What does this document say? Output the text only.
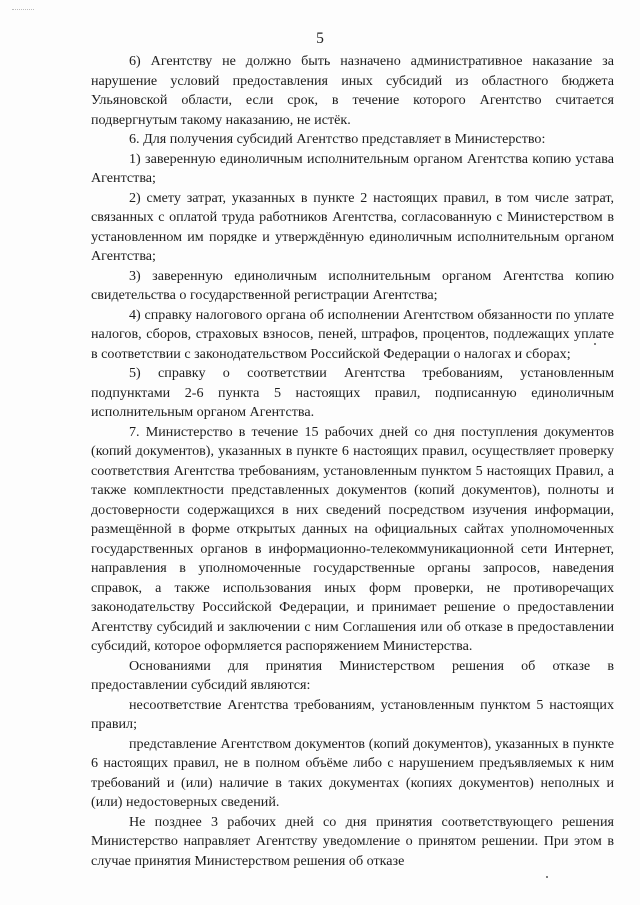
5

6) Агентству не должно быть назначено административное наказание за нарушение условий предоставления иных субсидий из областного бюджета Ульяновской области, если срок, в течение которого Агентство считается подвергнутым такому наказанию, не истёк.

6. Для получения субсидий Агентство представляет в Министерство:

1) заверенную единоличным исполнительным органом Агентства копию устава Агентства;

2) смету затрат, указанных в пункте 2 настоящих правил, в том числе затрат, связанных с оплатой труда работников Агентства, согласованную с Министерством в установленном им порядке и утверждённую единоличным исполнительным органом Агентства;

3) заверенную единоличным исполнительным органом Агентства копию свидетельства о государственной регистрации Агентства;

4) справку налогового органа об исполнении Агентством обязанности по уплате налогов, сборов, страховых взносов, пеней, штрафов, процентов, подлежащих уплате в соответствии с законодательством Российской Федерации о налогах и сборах;

5) справку о соответствии Агентства требованиям, установленным подпунктами 2-6 пункта 5 настоящих правил, подписанную единоличным исполнительным органом Агентства.

7. Министерство в течение 15 рабочих дней со дня поступления документов (копий документов), указанных в пункте 6 настоящих правил, осуществляет проверку соответствия Агентства требованиям, установленным пунктом 5 настоящих Правил, а также комплектности представленных документов (копий документов), полноты и достоверности содержащихся в них сведений посредством изучения информации, размещённой в форме открытых данных на официальных сайтах уполномоченных государственных органов в информационно-телекоммуникационной сети Интернет, направления в уполномоченные государственные органы запросов, наведения справок, а также использования иных форм проверки, не противоречащих законодательству Российской Федерации, и принимает решение о предоставлении Агентству субсидий и заключении с ним Соглашения или об отказе в предоставлении субсидий, которое оформляется распоряжением Министерства.

Основаниями для принятия Министерством решения об отказе в предоставлении субсидий являются:

несоответствие Агентства требованиям, установленным пунктом 5 настоящих правил;

представление Агентством документов (копий документов), указанных в пункте 6 настоящих правил, не в полном объёме либо с нарушением предъявляемых к ним требований и (или) наличие в таких документах (копиях документов) неполных и (или) недостоверных сведений.

Не позднее 3 рабочих дней со дня принятия соответствующего решения Министерство направляет Агентству уведомление о принятом решении. При этом в случае принятия Министерством решения об отказе
